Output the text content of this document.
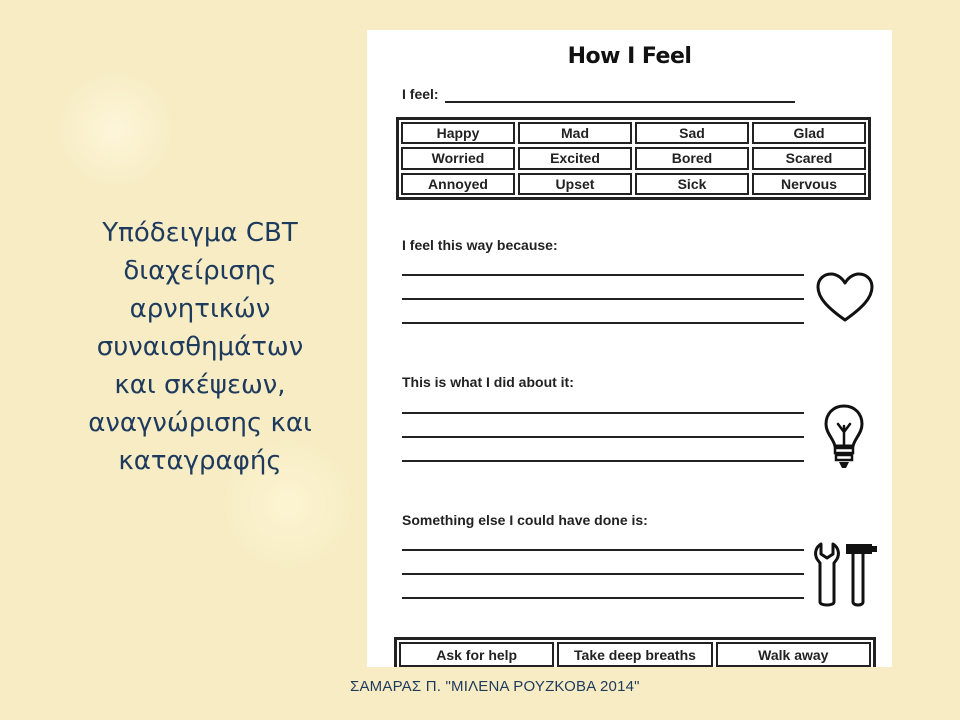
Υπόδειγμα CBT
διαχείρισης
αρνητικών
συναισθημάτων
και σκέψεων,
αναγνώρισης και
καταγραφής
How I Feel
I feel:
Happy	Mad	Sad	Glad
Worried	Excited	Bored	Scared
Annoyed	Upset	Sick	Nervous
I feel this way because:
This is what I did about it:
Something else I could have done is:
Ask for help	Take deep breaths	Walk away
ΣΑΜΑΡΑΣ Π. "ΜΙΛΕΝΑ ΡΟΥΖΚΟΒΑ 2014"
